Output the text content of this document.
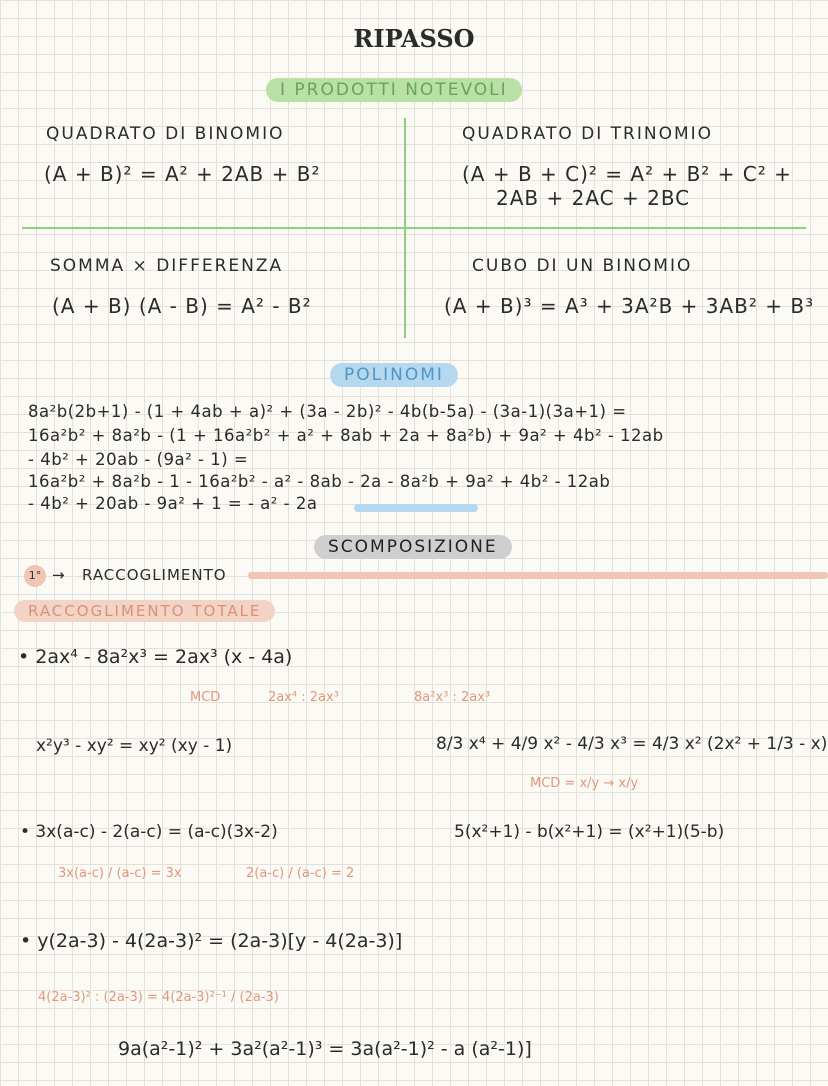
RIPASSO
I PRODOTTI NOTEVOLI
QUADRATO DI BINOMIO
(A + B)² = A² + 2AB + B²
QUADRATO DI TRINOMIO
(A + B + C)² = A² + B² + C² +
2AB + 2AC + 2BC
SOMMA × DIFFERENZA
(A + B) (A - B) = A² - B²
CUBO DI UN BINOMIO
(A + B)³ = A³ + 3A²B + 3AB² + B³
POLINOMI
8a²b(2b+1) - (1 + 4ab + a)² + (3a - 2b)² - 4b(b-5a) - (3a-1)(3a+1) =
16a²b² + 8a²b - (1 + 16a²b² + a² + 8ab + 2a + 8a²b) + 9a² + 4b² - 12ab
- 4b² + 20ab - (9a² - 1) =
16a²b² + 8a²b - 1 - 16a²b² - a² - 8ab - 2a - 8a²b + 9a² + 4b² - 12ab
- 4b² + 20ab - 9a² + 1 = - a² - 2a
SCOMPOSIZIONE
1° → RACCOGLIMENTO
RACCOGLIMENTO TOTALE
• 2ax⁴ - 8a²x³ = 2ax³ (x - 4a)
MCD	2ax⁴ : 2ax³	8a²x³ : 2ax³
x²y³ - xy² = xy² (xy - 1)	8/3 x⁴ + 4/9 x² - 4/3 x³ = 4/3 x² (2x² + 1/3 - x)
MCD = x/y → x/y
• 3x(a-c) - 2(a-c) = (a-c)(3x-2)
3x(a-c) / (a-c) = 3x	2(a-c) / (a-c) = 2
5(x²+1) - b(x²+1) = (x²+1)(5-b)
• y(2a-3) - 4(2a-3)² = (2a-3)[y - 4(2a-3)]
4(2a-3)² : (2a-3) = 4(2a-3)²⁻¹ / (2a-3)
9a(a²-1)² + 3a²(a²-1)³ = 3a(a²-1)² - a (a²-1)]
